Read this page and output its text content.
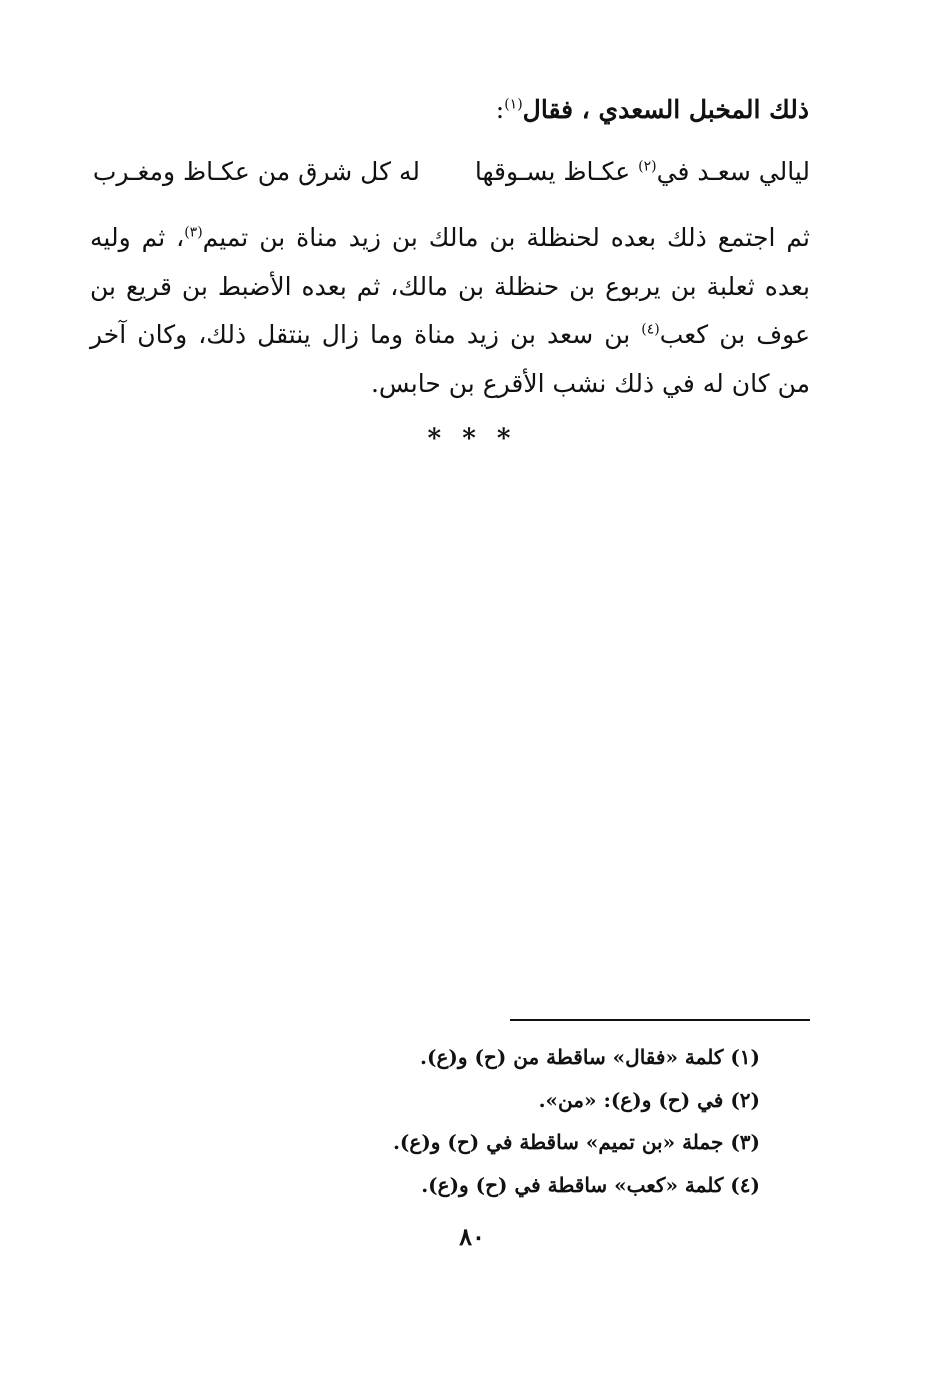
ذلك المخبل السعدي ، فقال$^{(١)}$:
ليالي سعـد في$^{(٢)}$ عكـاظ يسـوقها
له كل شرق من عكـاظ ومغـرب

ثم اجتمع ذلك بعده لحنظلة بن مالك بن زيد مناة بن تميم$^{(٣)}$، ثم وليه بعده ثعلبة بن يربوع بن حنظلة بن مالك، ثم بعده الأضبط بن قريع بن عوف بن كعب$^{(٤)}$ بن سعد بن زيد مناة وما زال ينتقل ذلك، وكان آخر من كان له في ذلك نشب الأقرع بن حابس.

* * *
(١) كلمة «فقال» ساقطة من (ح) و(ع).
(٢) في (ح) و(ع): «من».
(٣) جملة «بن تميم» ساقطة في (ح) و(ع).
(٤) كلمة «كعب» ساقطة في (ح) و(ع).
٨٠
